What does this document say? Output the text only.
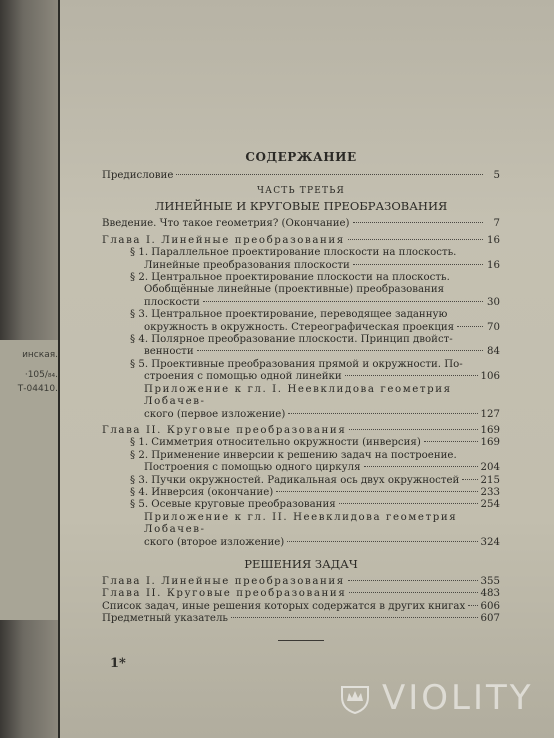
инская.
·105/₈₄.
Т-04410.
СОДЕРЖАНИЕ
Предисловие	5
ЧАСТЬ ТРЕТЬЯ
ЛИНЕЙНЫЕ И КРУГОВЫЕ ПРЕОБРАЗОВАНИЯ
Введение. Что такое геометрия? (Окончание)	7
Глава I. Линейные преобразования	16
§ 1. Параллельное проектирование плоскости на плоскость.
Линейные преобразования плоскости	16
§ 2. Центральное проектирование плоскости на плоскость.
Обобщённые линейные (проективные) преобразования
плоскости	30
§ 3. Центральное проектирование, переводящее заданную
окружность в окружность. Стереографическая проекция	70
§ 4. Полярное преобразование плоскости. Принцип двойст-
венности	84
§ 5. Проективные преобразования прямой и окружности. По-
строения с помощью одной линейки	106
Приложение к гл. I. Неевклидова геометрия Лобачев-
ского (первое изложение)	127
Глава II. Круговые преобразования	169
§ 1. Симметрия относительно окружности (инверсия)	169
§ 2. Применение инверсии к решению задач на построение.
Построения с помощью одного циркуля	204
§ 3. Пучки окружностей. Радикальная ось двух окружностей 215
§ 4. Инверсия (окончание)	233
§ 5. Осевые круговые преобразования	254
Приложение к гл. II. Неевклидова геометрия Лобачев-
ского (второе изложение)	324
РЕШЕНИЯ ЗАДАЧ
Глава I. Линейные преобразования	355
Глава II. Круговые преобразования	483
Список задач, иные решения которых содержатся в других книгах 606
Предметный указатель	607
1*
VIOLITY
